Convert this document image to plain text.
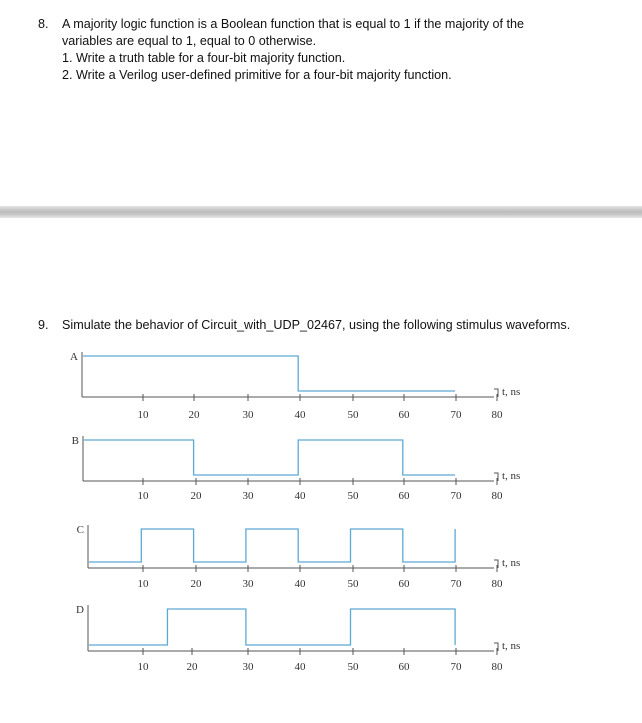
8.	A majority logic function is a Boolean function that is equal to 1 if the majority of the
variables are equal to 1, equal to 0 otherwise.
1. Write a truth table for a four-bit majority function.
2. Write a Verilog user-defined primitive for a four-bit majority function.
9.	Simulate the behavior of Circuit_with_UDP_02467, using the following stimulus waveforms.
A
t, ns
10	20	30	40	50	60	70	80
B
t, ns
10	20	30	40	50	60	70	80
C
t, ns
10	20	30	40	50	60	70	80
D
t, ns
10	20	30	40	50	60	70	80
